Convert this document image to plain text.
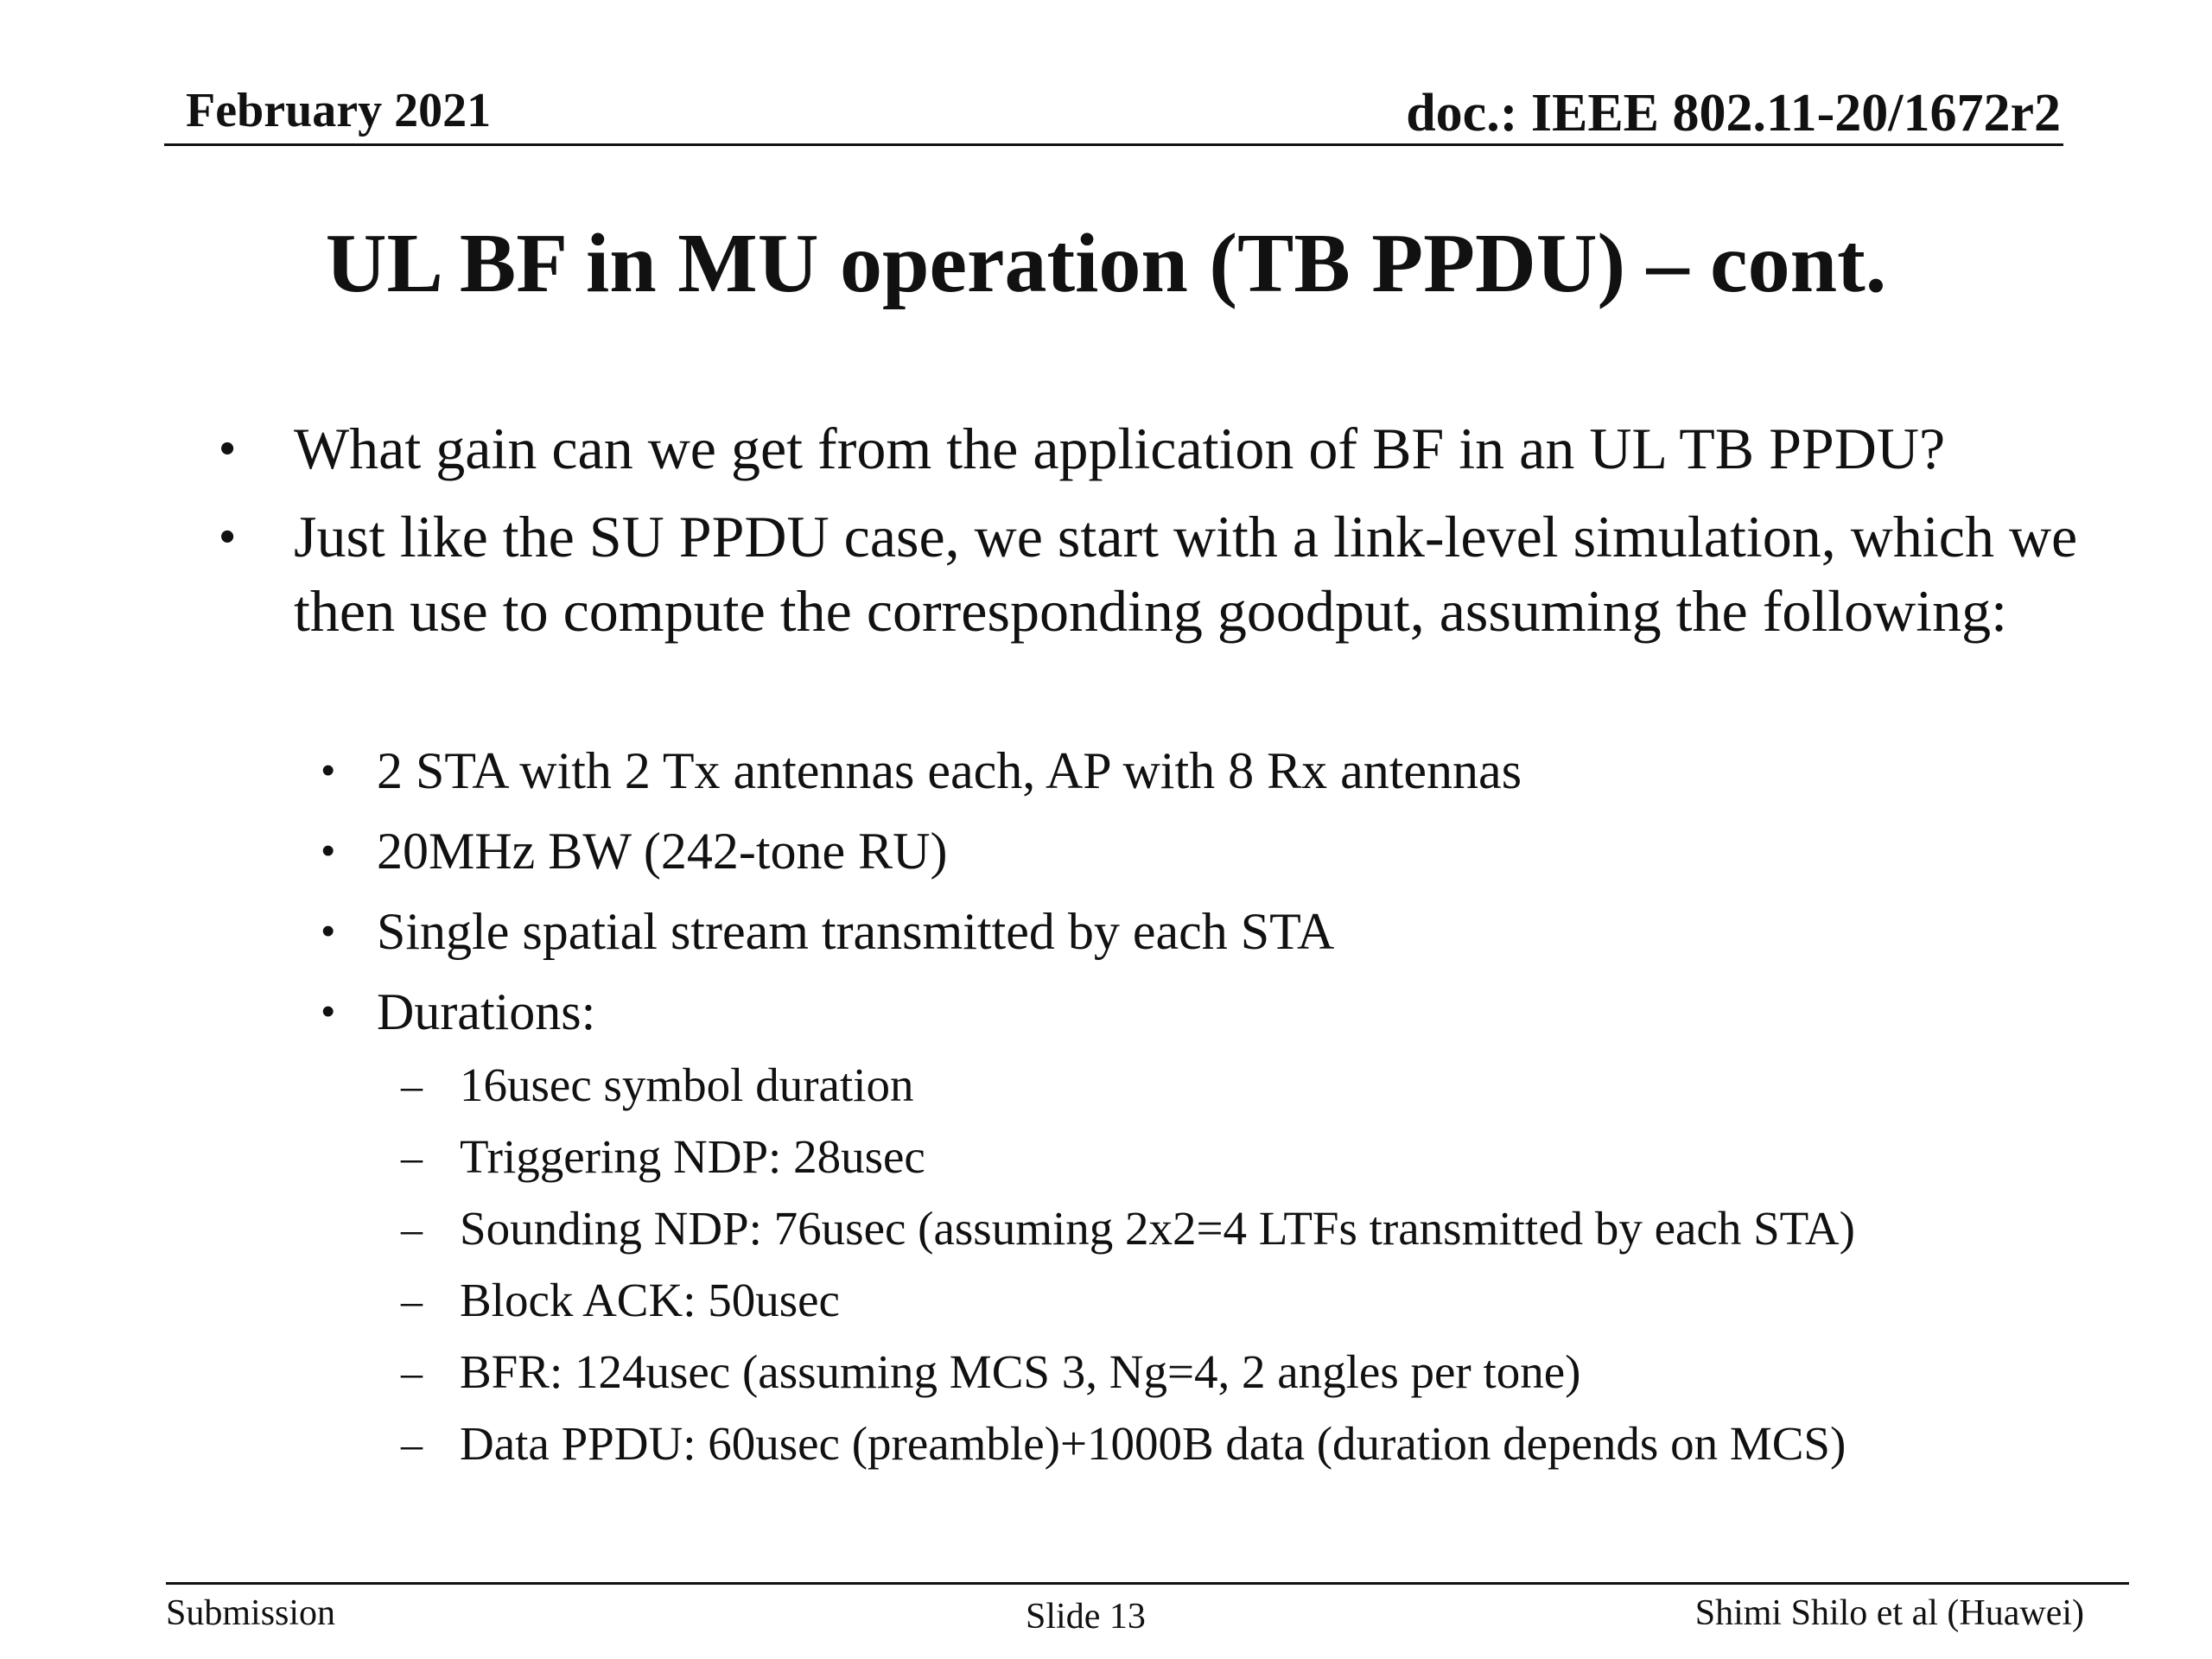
February 2021	doc.: IEEE 802.11-20/1672r2
UL BF in MU operation (TB PPDU) – cont.
• What gain can we get from the application of BF in an UL TB PPDU?
• Just like the SU PPDU case, we start with a link-level simulation, which we then use to compute the corresponding goodput, assuming the following:
• 2 STA with 2 Tx antennas each, AP with 8 Rx antennas
• 20MHz BW (242-tone RU)
• Single spatial stream transmitted by each STA
• Durations:
– 16usec symbol duration
– Triggering NDP: 28usec
– Sounding NDP: 76usec (assuming 2x2=4 LTFs transmitted by each STA)
– Block ACK: 50usec
– BFR: 124usec (assuming MCS 3, Ng=4, 2 angles per tone)
– Data PPDU: 60usec (preamble)+1000B data (duration depends on MCS)
Submission	Slide 13	Shimi Shilo et al (Huawei)
